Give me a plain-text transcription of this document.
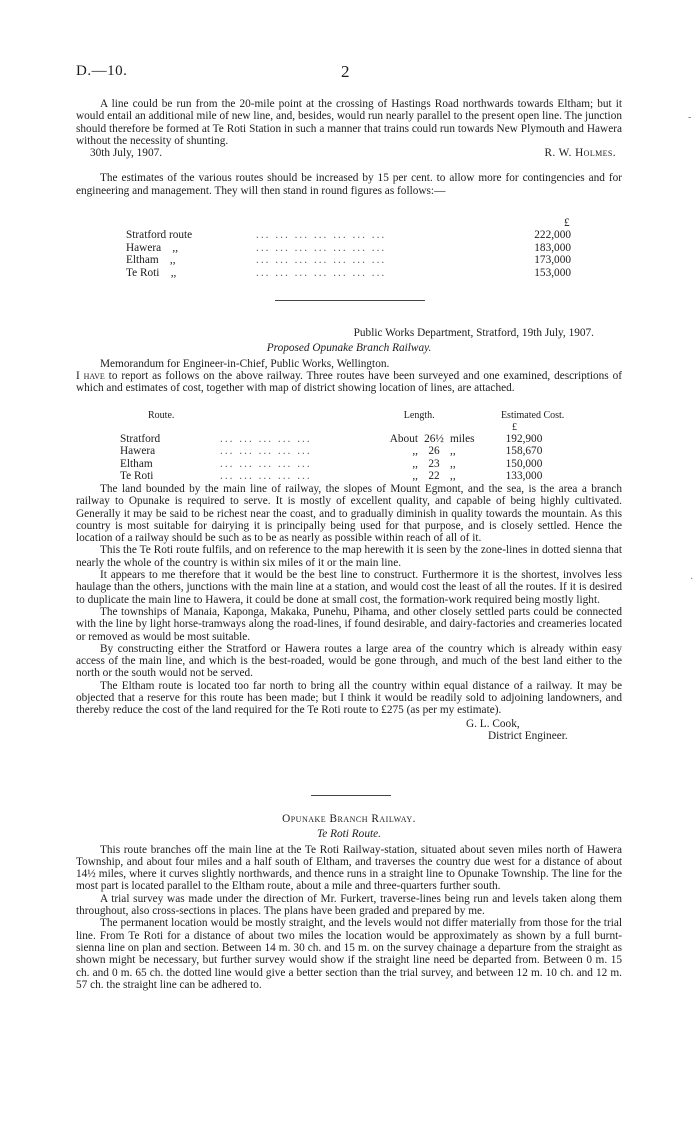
D.—10.	2
-
·

A line could be run from the 20-mile point at the crossing of Hastings Road northwards towards Eltham; but it would entail an additional mile of new line, and, besides, would run nearly parallel to the present open line. The junction should therefore be formed at Te Roti Station in such a manner that trains could run towards New Plymouth and Hawera without the necessity of shunting.

30th July, 1907.	R. W. Holmes.

The estimates of the various routes should be increased by 15 per cent. to allow more for contingencies and for engineering and management. They will then stand in round figures as follows:—

£
Stratford route	... ... ... ... ... ... ...	222,000
Hawera    ,,	... ... ... ... ... ... ...	183,000
Eltham    ,,	... ... ... ... ... ... ...	173,000
Te Roti    ,,	... ... ... ... ... ... ...	153,000
Public Works Department, Stratford, 19th July, 1907.
Proposed Opunake Branch Railway.

Memorandum for Engineer-in-Chief, Public Works, Wellington.

I have to report as follows on the above railway. Three routes have been surveyed and one examined, descriptions of which and estimates of cost, together with map of district showing location of lines, are attached.

Route.	Length.	Estimated Cost.
£
Stratford	... ... ... ... ...	About 26½ miles	192,900
Hawera	... ... ... ... ...	,, 26 ,,	158,670
Eltham	... ... ... ... ...	,, 23 ,,	150,000
Te Roti	... ... ... ... ...	,, 22 ,,	133,000

The land bounded by the main line of railway, the slopes of Mount Egmont, and the sea, is the area a branch railway to Opunake is required to serve. It is mostly of excellent quality, and capable of being highly cultivated. Generally it may be said to be richest near the coast, and to gradually diminish in quality towards the mountain. As this country is most suitable for dairying it is principally being used for that purpose, and is closely settled. Hence the location of a railway should be such as to be as nearly as possible within reach of all of it.

This the Te Roti route fulfils, and on reference to the map herewith it is seen by the zone-lines in dotted sienna that nearly the whole of the country is within six miles of it or the main line.

It appears to me therefore that it would be the best line to construct. Furthermore it is the shortest, involves less haulage than the others, junctions with the main line at a station, and would cost the least of all the routes. If it is desired to duplicate the main line to Hawera, it could be done at small cost, the formation-work required being mostly light.

The townships of Manaia, Kaponga, Makaka, Punehu, Pihama, and other closely settled parts could be connected with the line by light horse-tramways along the road-lines, if found desirable, and dairy-factories and creameries located or removed as would be most suitable.

By constructing either the Stratford or Hawera routes a large area of the country which is already within easy access of the main line, and which is the best-roaded, would be gone through, and much of the best land either to the north or the south would not be served.

The Eltham route is located too far north to bring all the country within equal distance of a railway. It may be objected that a reserve for this route has been made; but I think it would be readily sold to adjoining landowners, and thereby reduce the cost of the land required for the Te Roti route to £275 (as per my estimate).

G. L. Cook,
District Engineer.
Opunake Branch Railway.
Te Roti Route.

This route branches off the main line at the Te Roti Railway-station, situated about seven miles north of Hawera Township, and about four miles and a half south of Eltham, and traverses the country due west for a distance of about 14½ miles, where it curves slightly northwards, and thence runs in a straight line to Opunake Township. The line for the most part is located parallel to the Eltham route, about a mile and three-quarters further south.

A trial survey was made under the direction of Mr. Furkert, traverse-lines being run and levels taken along them throughout, also cross-sections in places. The plans have been graded and prepared by me.

The permanent location would be mostly straight, and the levels would not differ materially from those for the trial line. From Te Roti for a distance of about two miles the location would be approximately as shown by a full burnt-sienna line on plan and section. Between 14 m. 30 ch. and 15 m. on the survey chainage a departure from the straight as shown might be necessary, but further survey would show if the straight line need be departed from. Between 0 m. 15 ch. and 0 m. 65 ch. the dotted line would give a better section than the trial survey, and between 12 m. 10 ch. and 12 m. 57 ch. the straight line can be adhered to.
